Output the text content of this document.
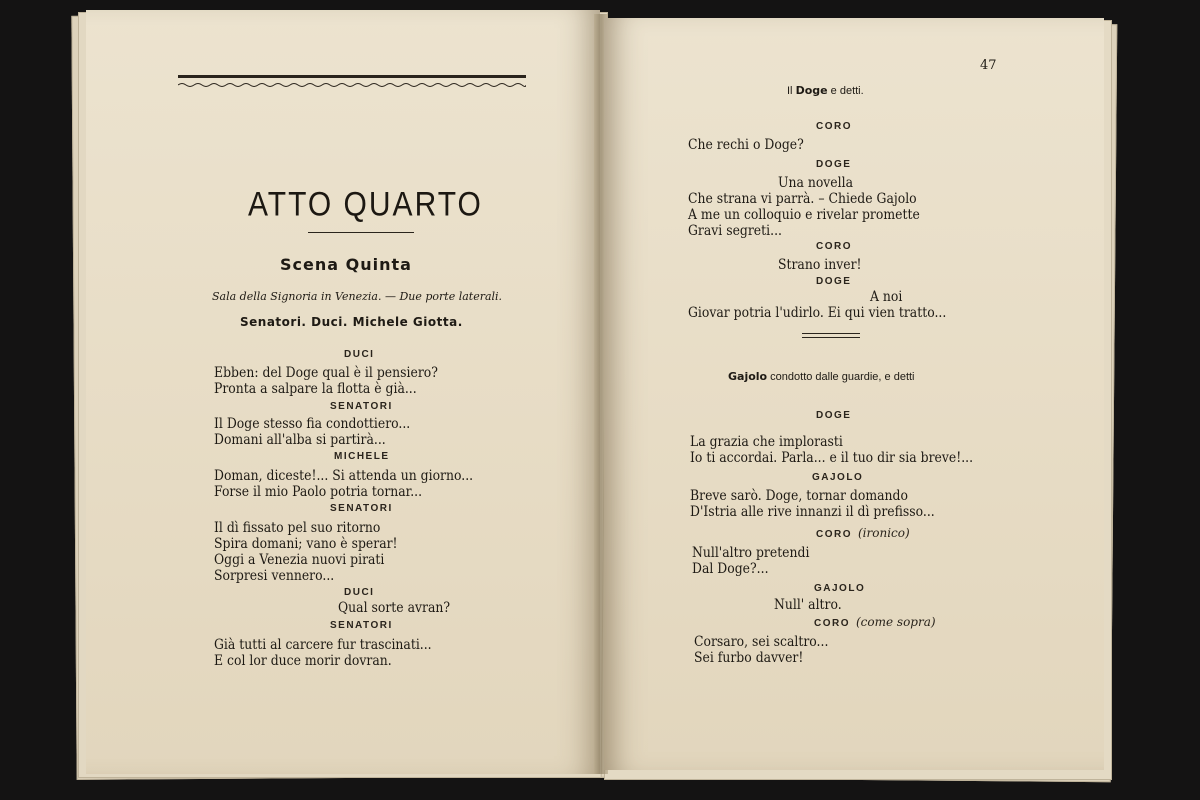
ATTO QUARTO
Scena Quinta
Sala della Signoria in Venezia. — Due porte laterali.
Senatori. Duci. Michele Giotta.
DUCI
Ebben: del Doge qual è il pensiero?
Pronta a salpare la flotta è già...
SENATORI
Il Doge stesso fia condottiero...
Domani all'alba si partirà...
MICHELE
Doman, diceste!... Si attenda un giorno...
Forse il mio Paolo potria tornar...
SENATORI
Il dì fissato pel suo ritorno
Spira domani; vano è sperar!
Oggi a Venezia nuovi pirati
Sorpresi vennero...
DUCI
Qual sorte avran?
SENATORI
Già tutti al carcere fur trascinati...
E col lor duce morir dovran.
47
Il Doge e detti.
CORO
Che rechi o Doge?
DOGE
Una novella
Che strana vi parrà. – Chiede Gajolo
A me un colloquio e rivelar promette
Gravi segreti...
CORO
Strano inver!
DOGE
A noi
Giovar potria l'udirlo. Ei qui vien tratto...
Gajolo condotto dalle guardie, e detti
DOGE
La grazia che implorasti
Io ti accordai. Parla... e il tuo dir sia breve!...
GAJOLO
Breve sarò. Doge, tornar domando
D'Istria alle rive innanzi il dì prefisso...
CORO (ironico)
Null'altro pretendi
Dal Doge?...
GAJOLO
Null' altro.
CORO (come sopra)
Corsaro, sei scaltro...
Sei furbo davver!
